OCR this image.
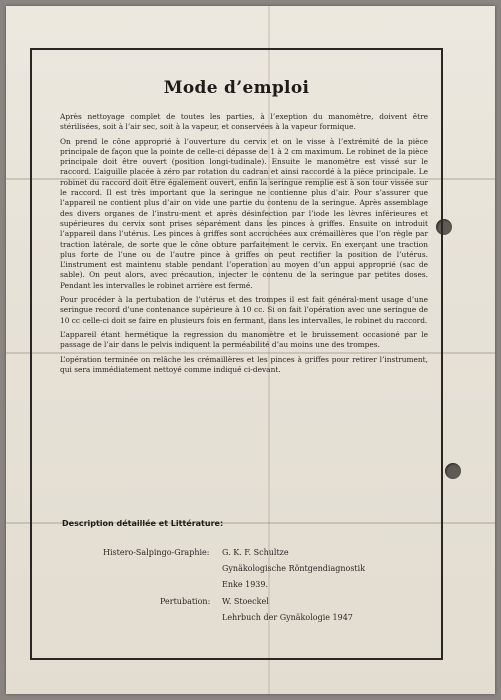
Mode d’emploi

Après nettoyage complet de toutes les parties, à l’exeption du manomètre, doivent être stérilisées, soit à l’air sec, soit à la vapeur, et conservées à la vapeur formique.

On prend le cône approprié à l’ouverture du cervix et on le visse à l’extrémité de la pièce principale de façon que la pointe de celle-ci dépasse de 1 à 2 cm maximum. Le robinet de la pièce principale doit être ouvert (position longi-tudinale). Ensuite le manomètre est vissé sur le raccord. L’aiguille placée à zéro par rotation du cadran et ainsi raccordé à la pièce principale. Le robinet du raccord doit être également ouvert, enfin la seringue remplie est à son tour vissée sur le raccord. Il est très important que la seringue ne contienne plus d’air. Pour s’assurer que l’appareil ne contient plus d’air on vide une partie du contenu de la seringue. Après assemblage des divers organes de l’instru-ment et après désinfection par l’iode les lèvres inférieures et supérieures du cervix sont prises séparément dans les pinces à griffes. Ensuite on introduit l’appareil dans l’utérus. Les pinces à griffes sont accrochées aux crémaillères que l’on règle par traction latérale, de sorte que le cône obture parfaitement le cervix. En exerçant une traction plus forte de l’une ou de l’autre pince à griffes on peut rectifier la position de l’utérus. L’instrument est maintenu stable pendant l’operation au moyen d’un appui approprié (sac de sable). On peut alors, avec précaution, injecter le contenu de la seringue par petites doses. Pendant les intervalles le robinet arrière est fermé.

Pour procéder à la pertubation de l’utérus et des trompes il est fait général-ment usage d’une seringue record d’une contenance supérieure à 10 cc. Si on fait l’opération avec une seringue de 10 cc celle-ci doit se faire en plusieurs fois en fermant, dans les intervalles, le robinet du raccord.

L’appareil étant hermétique la regression du manomètre et le bruissement occasioné par le passage de l’air dans le pelvis indiquent la perméabilité d’au moins une des trompes.

L’opération terminée on relâche les crémaillères et les pinces à griffes pour retirer l’instrument, qui sera immédiatement nettoyé comme indiqué ci-devant.

Description détaillée et Littérature:
Histero-Salpingo-Graphie: G. K. F. Schultze
Gynäkologische Röntgendiagnostik
Enke 1939.
Pertubation: W. Stoeckel
Lehrbuch der Gynäkologie 1947
